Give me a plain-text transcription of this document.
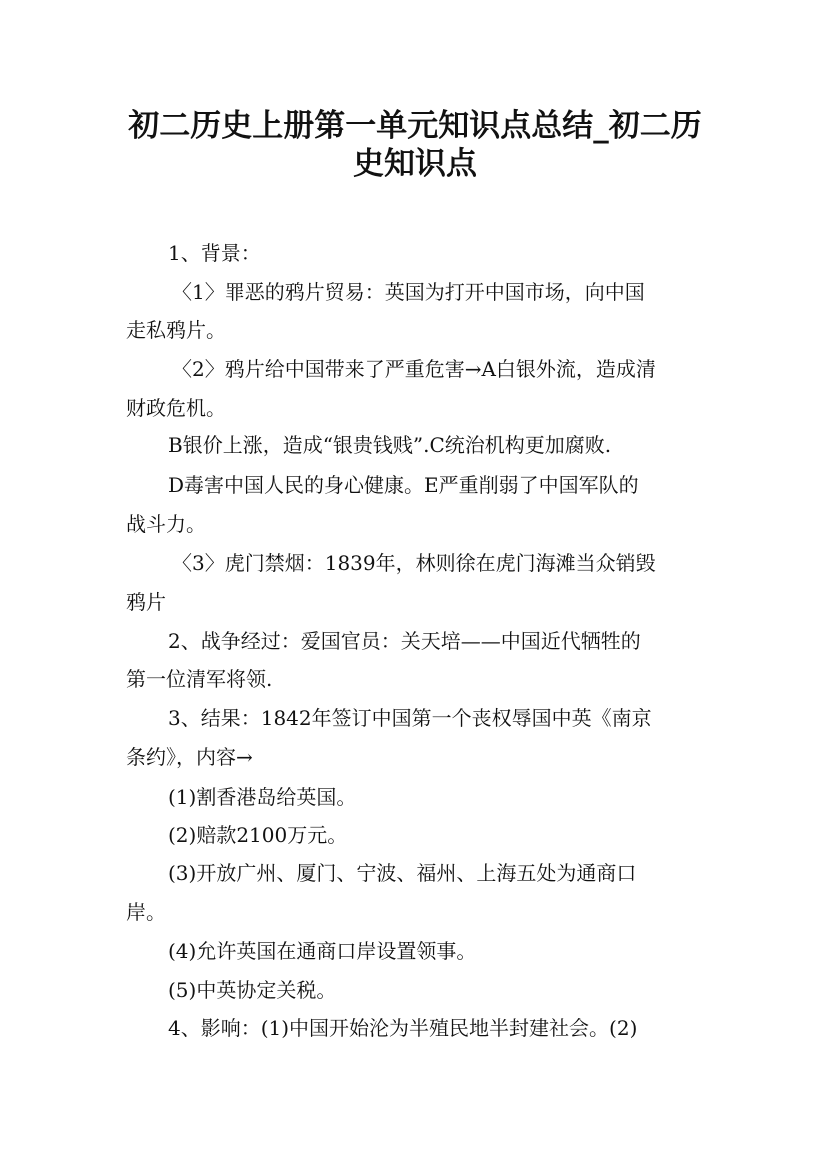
初二历史上册第一单元知识点总结_初二历
史知识点

1、背景：

〈1〉罪恶的鸦片贸易：英国为打开中国市场，向中国

走私鸦片。

〈2〉鸦片给中国带来了严重危害→A白银外流，造成清

财政危机。

B银价上涨，造成“银贵钱贱”.C统治机构更加腐败.

D毒害中国人民的身心健康。E严重削弱了中国军队的

战斗力。

〈3〉虎门禁烟：1839年，林则徐在虎门海滩当众销毁

鸦片

2、战争经过：爱国官员：关天培——中国近代牺牲的

第一位清军将领.

3、结果：1842年签订中国第一个丧权辱国中英《南京

条约》，内容→

(1)割香港岛给英国。

(2)赔款2100万元。

(3)开放广州、厦门、宁波、福州、上海五处为通商口

岸。

(4)允许英国在通商口岸设置领事。

(5)中英协定关税。

4、影响：(1)中国开始沦为半殖民地半封建社会。(2)
